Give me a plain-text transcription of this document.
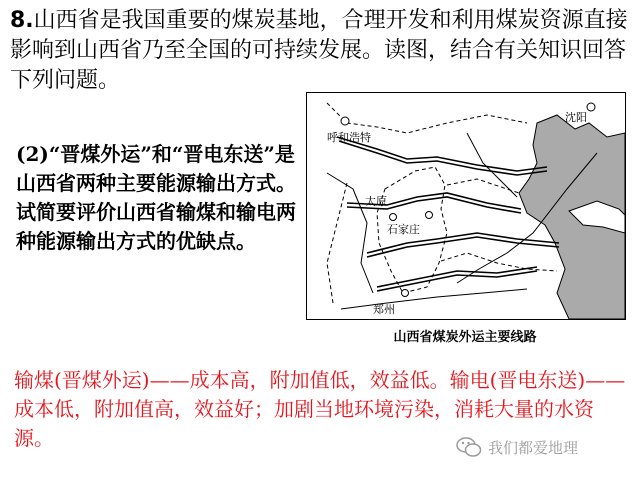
8.山西省是我国重要的煤炭基地，合理开发和利用煤炭资源直接影响到山西省乃至全国的可持续发展。读图，结合有关知识回答下列问题。

(2)“晋煤外运”和“晋电东送”是山西省两种主要能源输出方式。试简要评价山西省输煤和输电两种能源输出方式的优缺点。

沈阳
呼和浩特
太原
石家庄
郑州

山西省煤炭外运主要线路

输煤(晋煤外运)——成本高，附加值低，效益低。输电(晋电东送)——成本低，附加值高，效益好；加剧当地环境污染，消耗大量的水资源。	我们都爱地理
